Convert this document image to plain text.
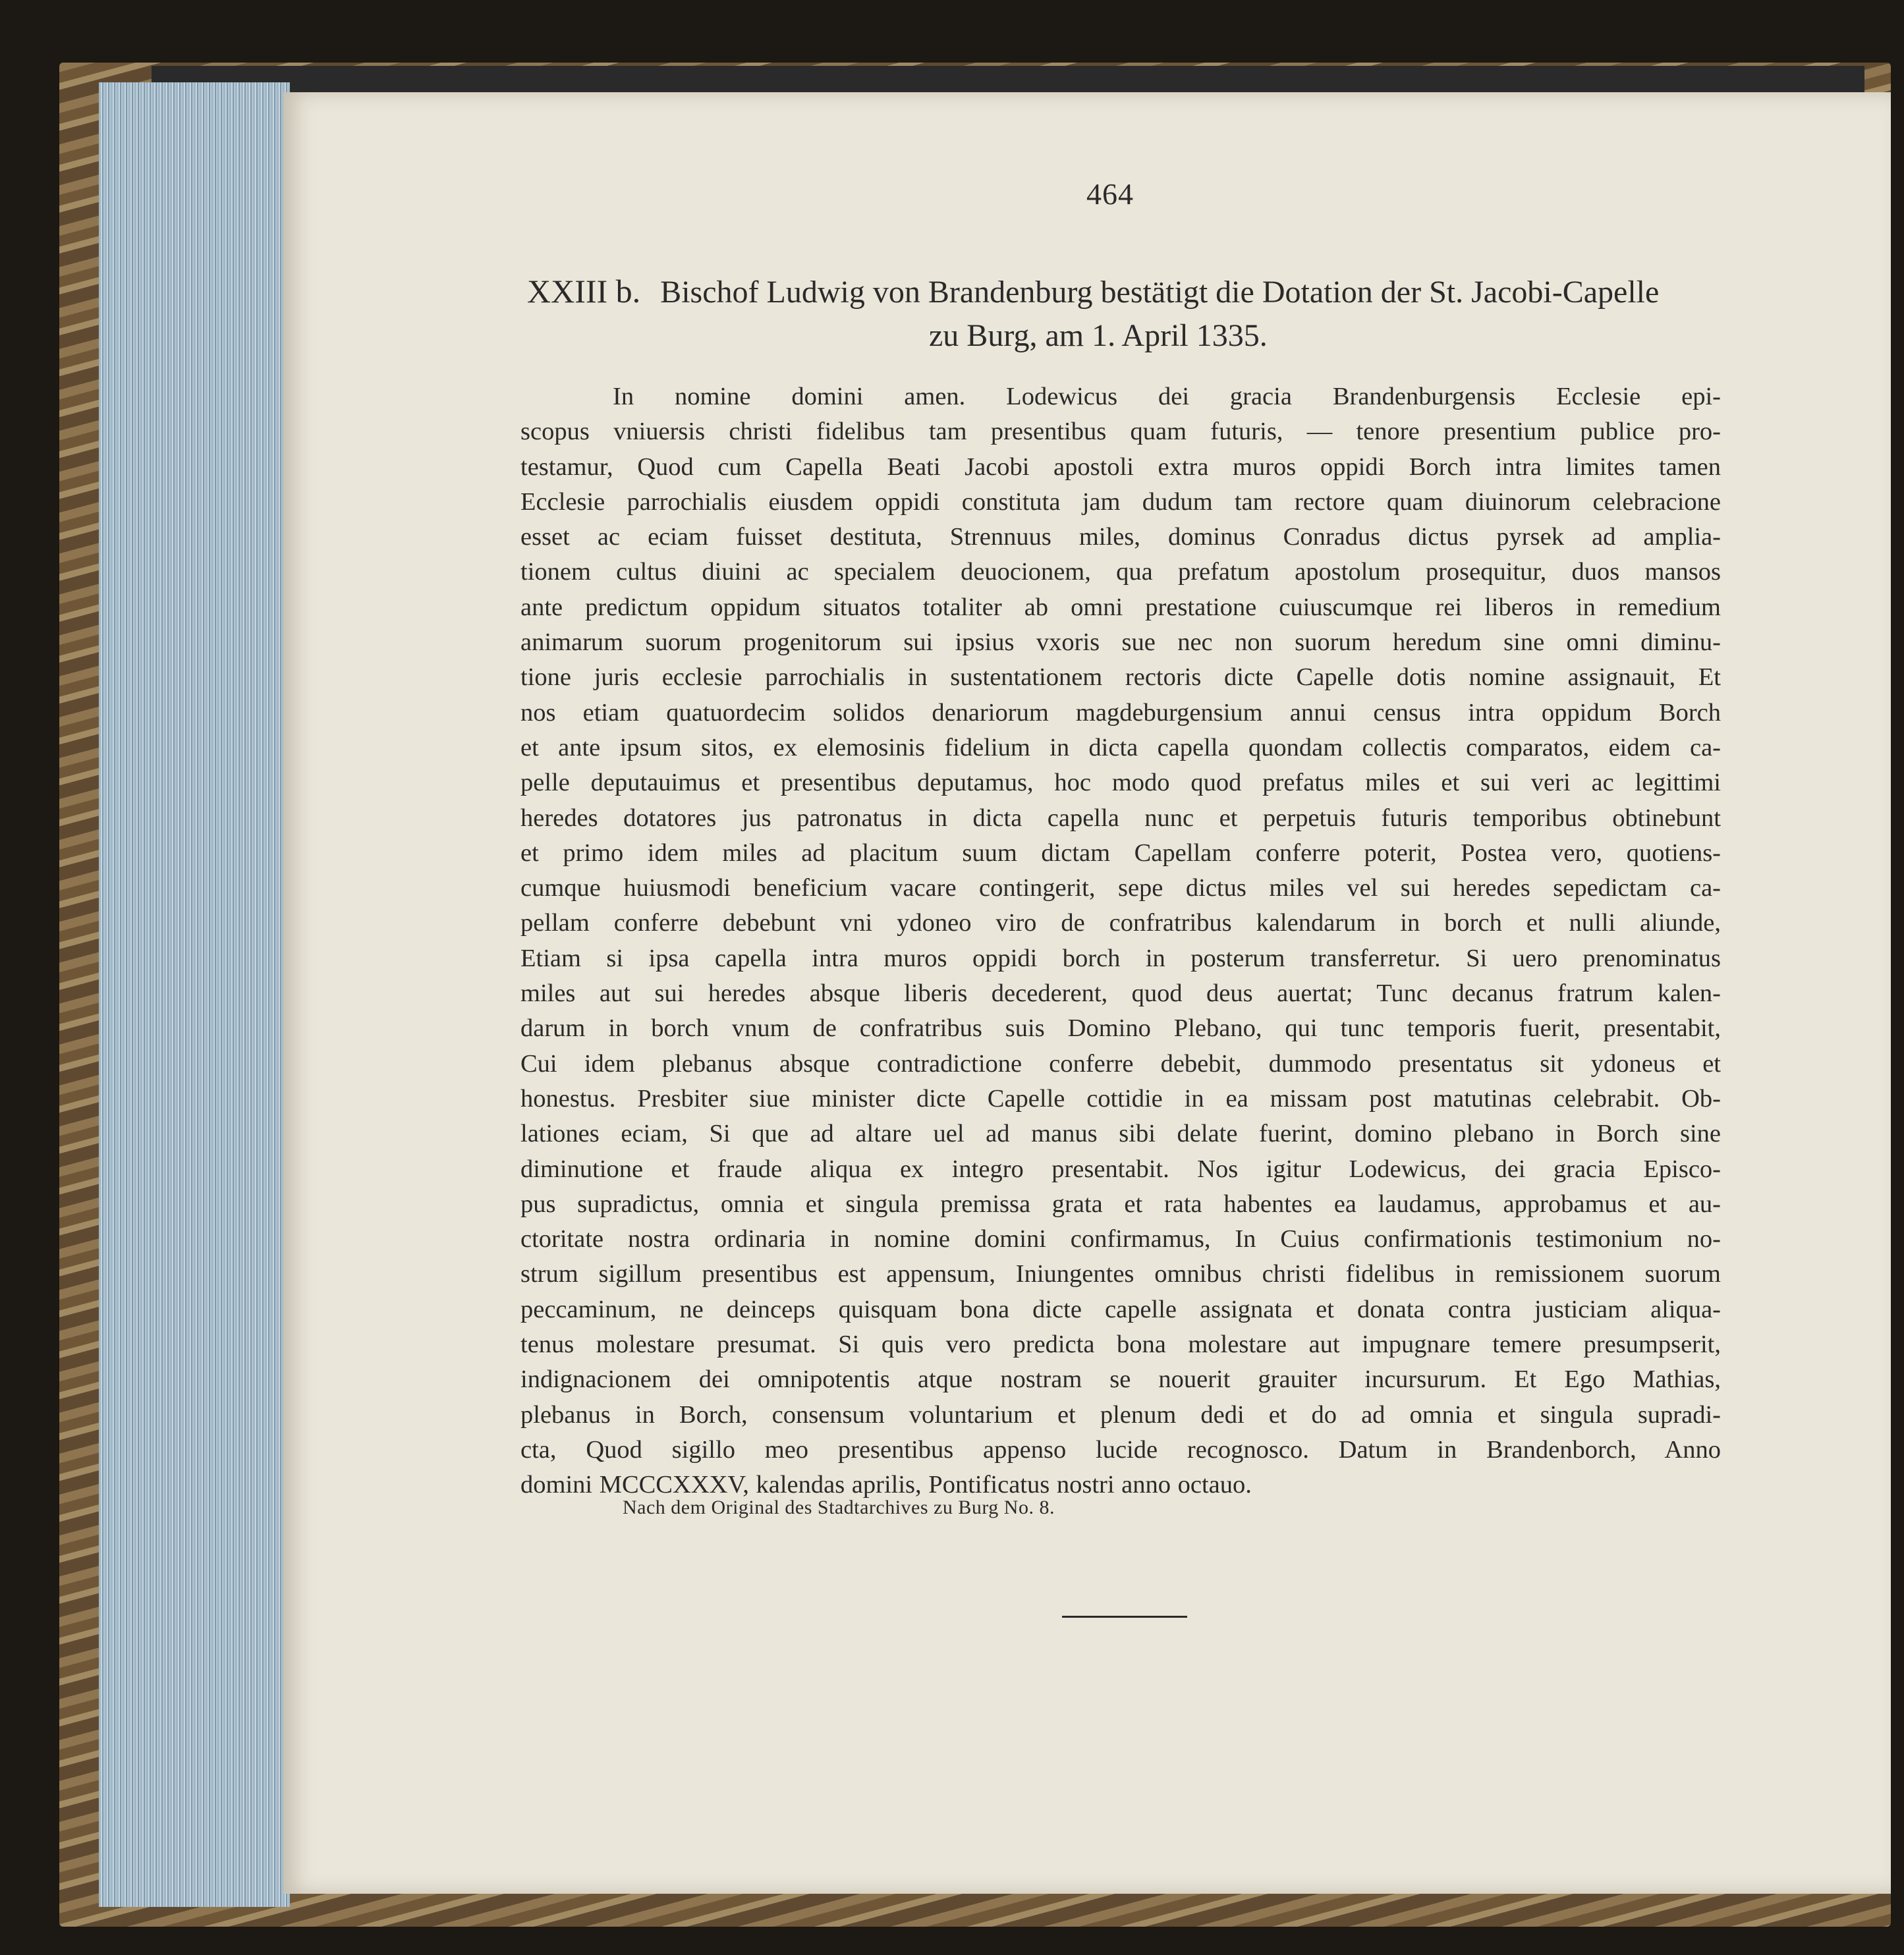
464
XXIII b. Bischof Ludwig von Brandenburg bestätigt die Dotation der St. Jacobi-Capelle
zu Burg, am 1. April 1335.
In nomine domini amen. Lodewicus dei gracia Brandenburgensis Ecclesie epi-
scopus vniuersis christi fidelibus tam presentibus quam futuris, — tenore presentium publice pro-
testamur, Quod cum Capella Beati Jacobi apostoli extra muros oppidi Borch intra limites tamen
Ecclesie parrochialis eiusdem oppidi constituta jam dudum tam rectore quam diuinorum celebracione
esset ac eciam fuisset destituta, Strennuus miles, dominus Conradus dictus pyrsek ad amplia-
tionem cultus diuini ac specialem deuocionem, qua prefatum apostolum prosequitur, duos mansos
ante predictum oppidum situatos totaliter ab omni prestatione cuiuscumque rei liberos in remedium
animarum suorum progenitorum sui ipsius vxoris sue nec non suorum heredum sine omni diminu-
tione juris ecclesie parrochialis in sustentationem rectoris dicte Capelle dotis nomine assignauit, Et
nos etiam quatuordecim solidos denariorum magdeburgensium annui census intra oppidum Borch
et ante ipsum sitos, ex elemosinis fidelium in dicta capella quondam collectis comparatos, eidem ca-
pelle deputauimus et presentibus deputamus, hoc modo quod prefatus miles et sui veri ac legittimi
heredes dotatores jus patronatus in dicta capella nunc et perpetuis futuris temporibus obtinebunt
et primo idem miles ad placitum suum dictam Capellam conferre poterit, Postea vero, quotiens-
cumque huiusmodi beneficium vacare contingerit, sepe dictus miles vel sui heredes sepedictam ca-
pellam conferre debebunt vni ydoneo viro de confratribus kalendarum in borch et nulli aliunde,
Etiam si ipsa capella intra muros oppidi borch in posterum transferretur. Si uero prenominatus
miles aut sui heredes absque liberis decederent, quod deus auertat; Tunc decanus fratrum kalen-
darum in borch vnum de confratribus suis Domino Plebano, qui tunc temporis fuerit, presentabit,
Cui idem plebanus absque contradictione conferre debebit, dummodo presentatus sit ydoneus et
honestus. Presbiter siue minister dicte Capelle cottidie in ea missam post matutinas celebrabit. Ob-
lationes eciam, Si que ad altare uel ad manus sibi delate fuerint, domino plebano in Borch sine
diminutione et fraude aliqua ex integro presentabit. Nos igitur Lodewicus, dei gracia Episco-
pus supradictus, omnia et singula premissa grata et rata habentes ea laudamus, approbamus et au-
ctoritate nostra ordinaria in nomine domini confirmamus, In Cuius confirmationis testimonium no-
strum sigillum presentibus est appensum, Iniungentes omnibus christi fidelibus in remissionem suorum
peccaminum, ne deinceps quisquam bona dicte capelle assignata et donata contra justiciam aliqua-
tenus molestare presumat. Si quis vero predicta bona molestare aut impugnare temere presumpserit,
indignacionem dei omnipotentis atque nostram se nouerit grauiter incursurum. Et Ego Mathias,
plebanus in Borch, consensum voluntarium et plenum dedi et do ad omnia et singula supradi-
cta, Quod sigillo meo presentibus appenso lucide recognosco. Datum in Brandenborch, Anno
domini MCCCXXXV, kalendas aprilis, Pontificatus nostri anno octauo.
Nach dem Original des Stadtarchives zu Burg No. 8.
